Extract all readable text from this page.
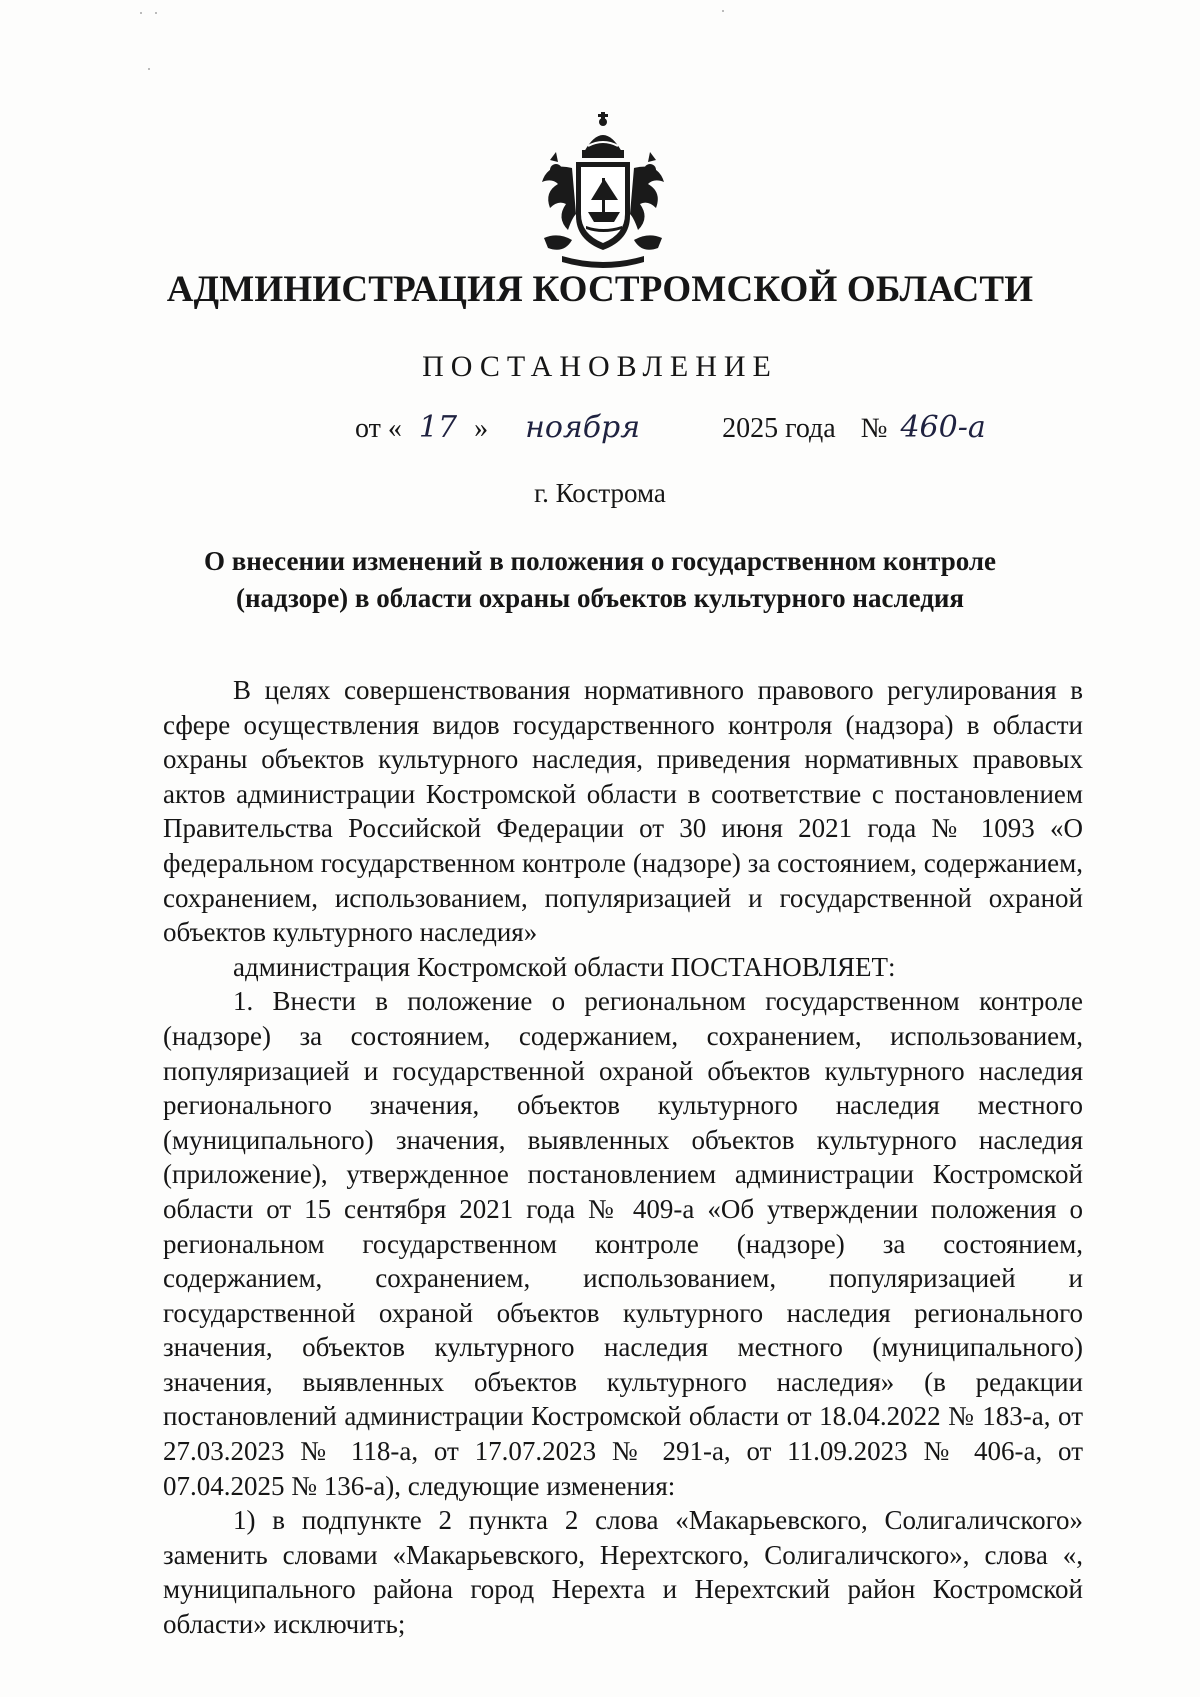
АДМИНИСТРАЦИЯ КОСТРОМСКОЙ ОБЛАСТИ
ПОСТАНОВЛЕНИЕ
от « 17 » ноября	2025 года № 460-а
г. Кострома
О внесении изменений в положения о государственном контроле
(надзоре) в области охраны объектов культурного наследия

В целях совершенствования нормативного правового регулирования в сфере осуществления видов государственного контроля (надзора) в области охраны объектов культурного наследия, приведения нормативных правовых актов администрации Костромской области в соответствие с постановлением Правительства Российской Федерации от 30 июня 2021 года № 1093 «О федеральном государственном контроле (надзоре) за состоянием, содержанием, сохранением, использованием, популяризацией и государственной охраной объектов культурного наследия»

администрация Костромской области ПОСТАНОВЛЯЕТ:

1. Внести в положение о региональном государственном контроле (надзоре) за состоянием, содержанием, сохранением, использованием, популяризацией и государственной охраной объектов культурного наследия регионального значения, объектов культурного наследия местного (муниципального) значения, выявленных объектов культурного наследия (приложение), утвержденное постановлением администрации Костромской области от 15 сентября 2021 года № 409-а «Об утверждении положения о региональном государственном контроле (надзоре) за состоянием, содержанием, сохранением, использованием, популяризацией и государственной охраной объектов культурного наследия регионального значения, объектов культурного наследия местного (муниципального) значения, выявленных объектов культурного наследия» (в редакции постановлений администрации Костромской области от 18.04.2022 № 183-а, от 27.03.2023 № 118-а, от 17.07.2023 № 291-а, от 11.09.2023 № 406-а, от 07.04.2025 № 136-а), следующие изменения:

1) в подпункте 2 пункта 2 слова «Макарьевского, Солигаличского» заменить словами «Макарьевского, Нерехтского, Солигаличского», слова «, муниципального района город Нерехта и Нерехтский район Костромской области» исключить;
